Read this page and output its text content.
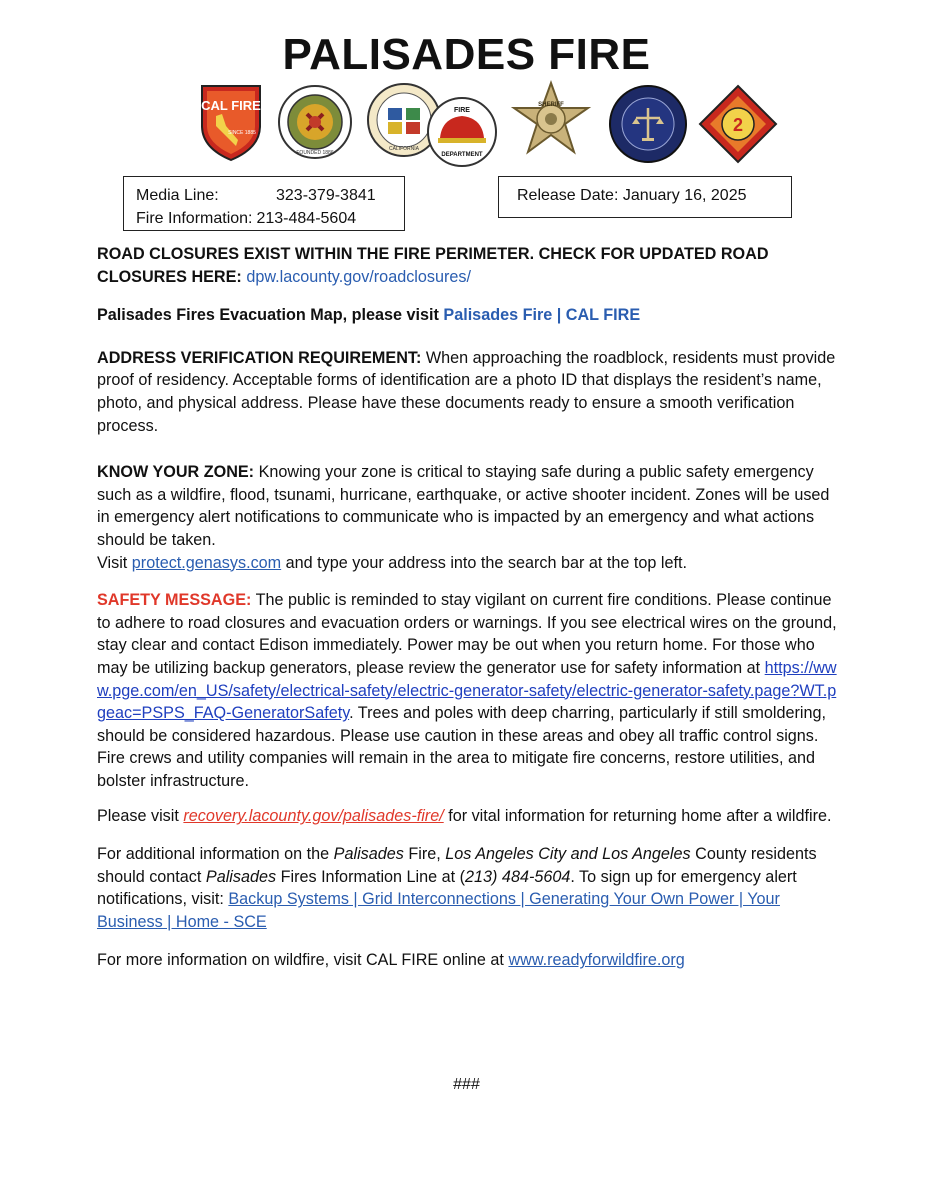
PALISADES FIRE
CAL FIRE
SINCE 1885
FOUNDED 1886
CALIFORNIA
FIRE
DEPARTMENT
SHERIFF
2
Media Line:	323-379-3841
Fire Information: 213-484-5604
Release Date: January 16, 2025

ROAD CLOSURES EXIST WITHIN THE FIRE PERIMETER. CHECK FOR UPDATED ROAD CLOSURES HERE: dpw.lacounty.gov/roadclosures/

Palisades Fires Evacuation Map, please visit Palisades Fire | CAL FIRE

ADDRESS VERIFICATION REQUIREMENT: When approaching the roadblock, residents must provide proof of residency. Acceptable forms of identification are a photo ID that displays the resident’s name, photo, and physical address. Please have these documents ready to ensure a smooth verification process.

KNOW YOUR ZONE: Knowing your zone is critical to staying safe during a public safety emergency such as a wildfire, flood, tsunami, hurricane, earthquake, or active shooter incident. Zones will be used in emergency alert notifications to communicate who is impacted by an emergency and what actions should be taken.
Visit protect.genasys.com and type your address into the search bar at the top left.

SAFETY MESSAGE: The public is reminded to stay vigilant on current fire conditions. Please continue to adhere to road closures and evacuation orders or warnings. If you see electrical wires on the ground, stay clear and contact Edison immediately. Power may be out when you return home. For those who may be utilizing backup generators, please review the generator use for safety information at https://www.pge.com/en_US/safety/electrical-safety/electric-generator-safety/electric-generator-safety.page?WT.pgeac=PSPS_FAQ-GeneratorSafety. Trees and poles with deep charring, particularly if still smoldering, should be considered hazardous. Please use caution in these areas and obey all traffic control signs. Fire crews and utility companies will remain in the area to mitigate fire concerns, restore utilities, and bolster infrastructure.

Please visit recovery.lacounty.gov/palisades-fire/ for vital information for returning home after a wildfire.

For additional information on the Palisades Fire, Los Angeles City and Los Angeles County residents should contact Palisades Fires Information Line at (213) 484-5604. To sign up for emergency alert notifications, visit: Backup Systems | Grid Interconnections | Generating Your Own Power | Your Business | Home - SCE

For more information on wildfire, visit CAL FIRE online at www.readyforwildfire.org

###
